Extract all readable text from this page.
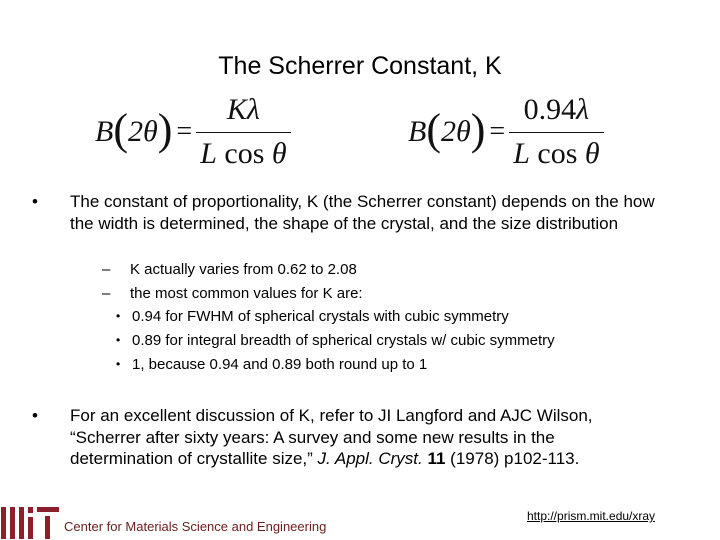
The Scherrer Constant, K
B ( 2θ ) = $\frac{K\lambda}{\text{L cos θ}}$	B ( 2θ ) = $\frac{0.94\lambda}{\text{L cos θ}}$
• The constant of proportionality, K (the Scherrer constant) depends on the how the width is determined, the shape of the crystal, and the size distribution
– K actually varies from 0.62 to 2.08
– the most common values for K are:
• 0.94 for FWHM of spherical crystals with cubic symmetry
• 0.89 for integral breadth of spherical crystals w/ cubic symmetry
• 1, because 0.94 and 0.89 both round up to 1
• For an excellent discussion of K, refer to JI Langford and AJC Wilson, “Scherrer after sixty years: A survey and some new results in the determination of crystallite size,” J. Appl. Cryst. 11 (1978) p102-113.
Center for Materials Science and Engineering
http://prism.mit.edu/xray
